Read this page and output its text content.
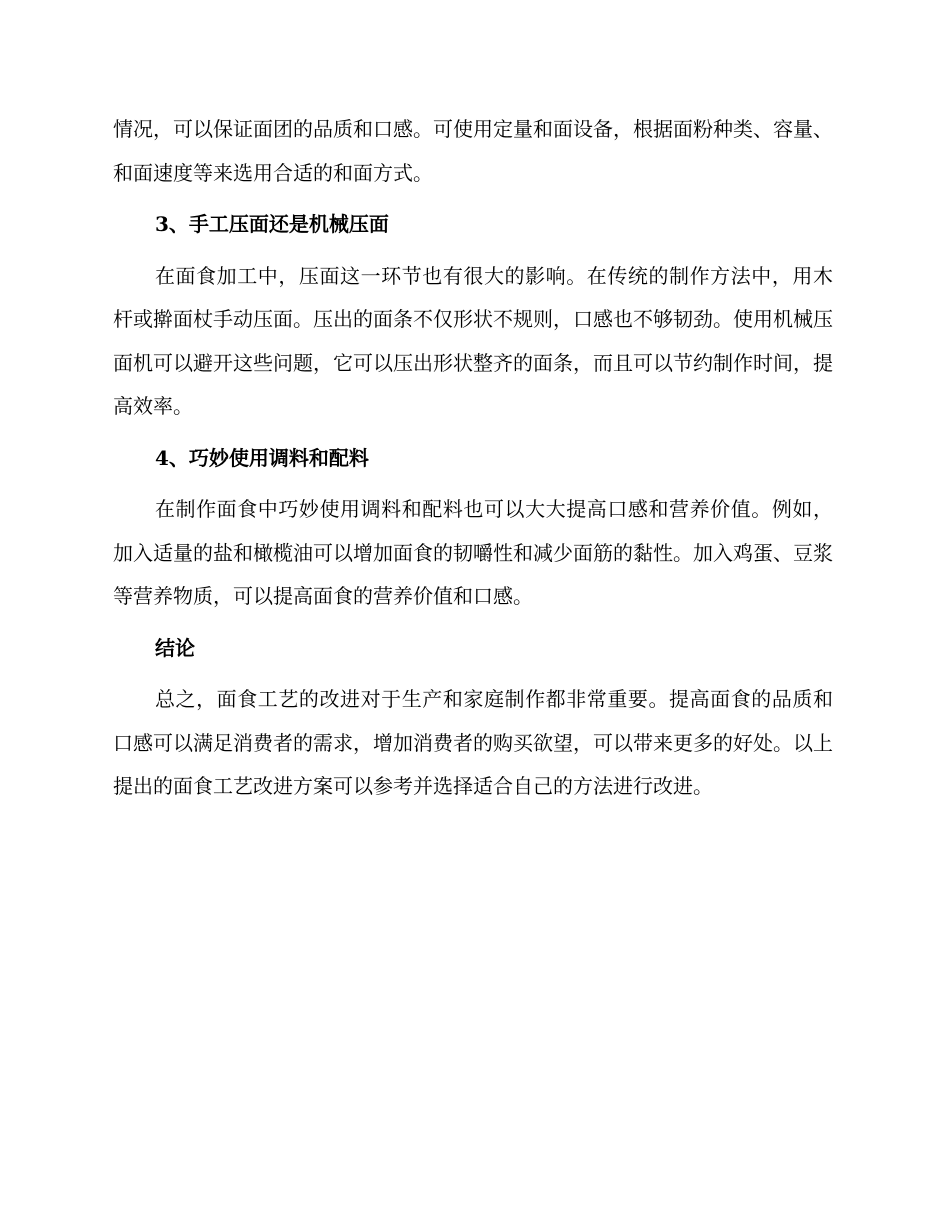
情况，可以保证面团的品质和口感。可使用定量和面设备，根据面粉种类、容量、和面速度等来选用合适的和面方式。

3、手工压面还是机械压面

在面食加工中，压面这一环节也有很大的影响。在传统的制作方法中，用木杆或擀面杖手动压面。压出的面条不仅形状不规则，口感也不够韧劲。使用机械压面机可以避开这些问题，它可以压出形状整齐的面条，而且可以节约制作时间，提高效率。

4、巧妙使用调料和配料

在制作面食中巧妙使用调料和配料也可以大大提高口感和营养价值。例如，加入适量的盐和橄榄油可以增加面食的韧嚼性和减少面筋的黏性。加入鸡蛋、豆浆等营养物质，可以提高面食的营养价值和口感。

结论

总之，面食工艺的改进对于生产和家庭制作都非常重要。提高面食的品质和口感可以满足消费者的需求，增加消费者的购买欲望，可以带来更多的好处。以上提出的面食工艺改进方案可以参考并选择适合自己的方法进行改进。
